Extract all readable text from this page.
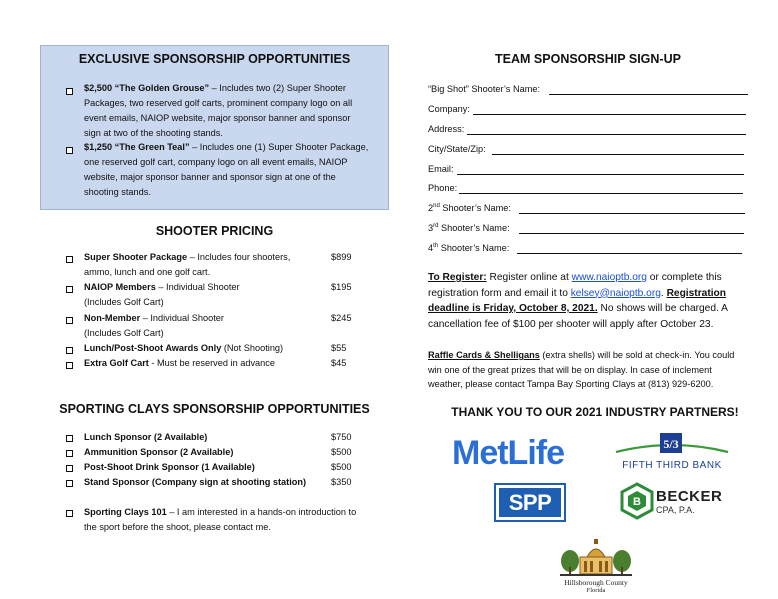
EXCLUSIVE SPONSORSHIP OPPORTUNITIES
$2,500 “The Golden Grouse” – Includes two (2) Super Shooter
Packages, two reserved golf carts, prominent company logo on all
event emails, NAIOP website, major sponsor banner and sponsor
sign at two of the shooting stands.
$1,250 “The Green Teal” – Includes one (1) Super Shooter Package,
one reserved golf cart, company logo on all event emails, NAIOP
website, major sponsor banner and sponsor sign at one of the
shooting stands.
SHOOTER PRICING
Super Shooter Package – Includes four shooters,
ammo, lunch and one golf cart.
$899
NAIOP Members – Individual Shooter
(Includes Golf Cart)
$195
Non-Member – Individual Shooter
(Includes Golf Cart)
$245
Lunch/Post-Shoot Awards Only (Not Shooting)	$55
Extra Golf Cart - Must be reserved in advance	$45
SPORTING CLAYS SPONSORSHIP OPPORTUNITIES
Lunch Sponsor (2 Available)	$750
Ammunition Sponsor (2 Available)	$500
Post-Shoot Drink Sponsor (1 Available)	$500
Stand Sponsor (Company sign at shooting station)	$350
Sporting Clays 101 – I am interested in a hands-on introduction to
the sport before the shoot, please contact me.
TEAM SPONSORSHIP SIGN-UP
“Big Shot” Shooter’s Name:
Company:
Address:
City/State/Zip:
Email:
Phone:
2nd Shooter’s Name:
3rd Shooter’s Name:
4th Shooter’s Name:
To Register: Register online at www.naioptb.org or complete this
registration form and email it to kelsey@naioptb.org. Registration
deadline is Friday, October 8, 2021. No shows will be charged. A
cancellation fee of $100 per shooter will apply after October 23.
Raffle Cards & Shelligans (extra shells) will be sold at check-in. You could
win one of the great prizes that will be on display. In case of inclement
weather, please contact Tampa Bay Sporting Clays at (813) 929-6200.
THANK YOU TO OUR 2021 INDUSTRY PARTNERS!
MetLife	5/3
FIFTH THIRD BANK
SPP	B BECKER
CPA, P.A.
Hillsborough County
Florida
